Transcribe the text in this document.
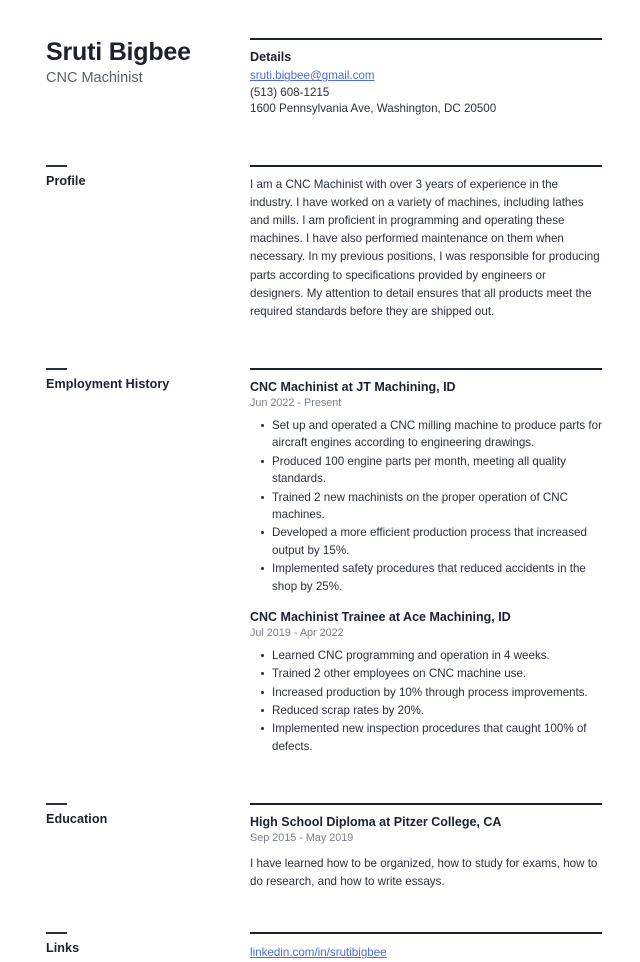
Sruti Bigbee
CNC Machinist
Details
sruti.bigbee@gmail.com
(513) 608-1215
1600 Pennsylvania Ave, Washington, DC 20500
Profile	I am a CNC Machinist with over 3 years of experience in the industry. I have worked on a variety of machines, including lathes and mills. I am proficient in programming and operating these machines. I have also performed maintenance on them when necessary. In my previous positions, I was responsible for producing parts according to specifications provided by engineers or designers. My attention to detail ensures that all products meet the required standards before they are shipped out.

Employment History	CNC Machinist at JT Machining, ID
Jun 2022 - Present
Set up and operated a CNC milling machine to produce parts for aircraft engines according to engineering drawings.
Produced 100 engine parts per month, meeting all quality standards.
Trained 2 new machinists on the proper operation of CNC machines.
Developed a more efficient production process that increased output by 15%.
Implemented safety procedures that reduced accidents in the shop by 25%.
CNC Machinist Trainee at Ace Machining, ID
Jul 2019 - Apr 2022
Learned CNC programming and operation in 4 weeks.
Trained 2 other employees on CNC machine use.
Increased production by 10% through process improvements.
Reduced scrap rates by 20%.
Implemented new inspection procedures that caught 100% of defects.
Education	High School Diploma at Pitzer College, CA
Sep 2015 - May 2019

I have learned how to be organized, how to study for exams, how to do research, and how to write essays.

Links	linkedin.com/in/srutibigbee
